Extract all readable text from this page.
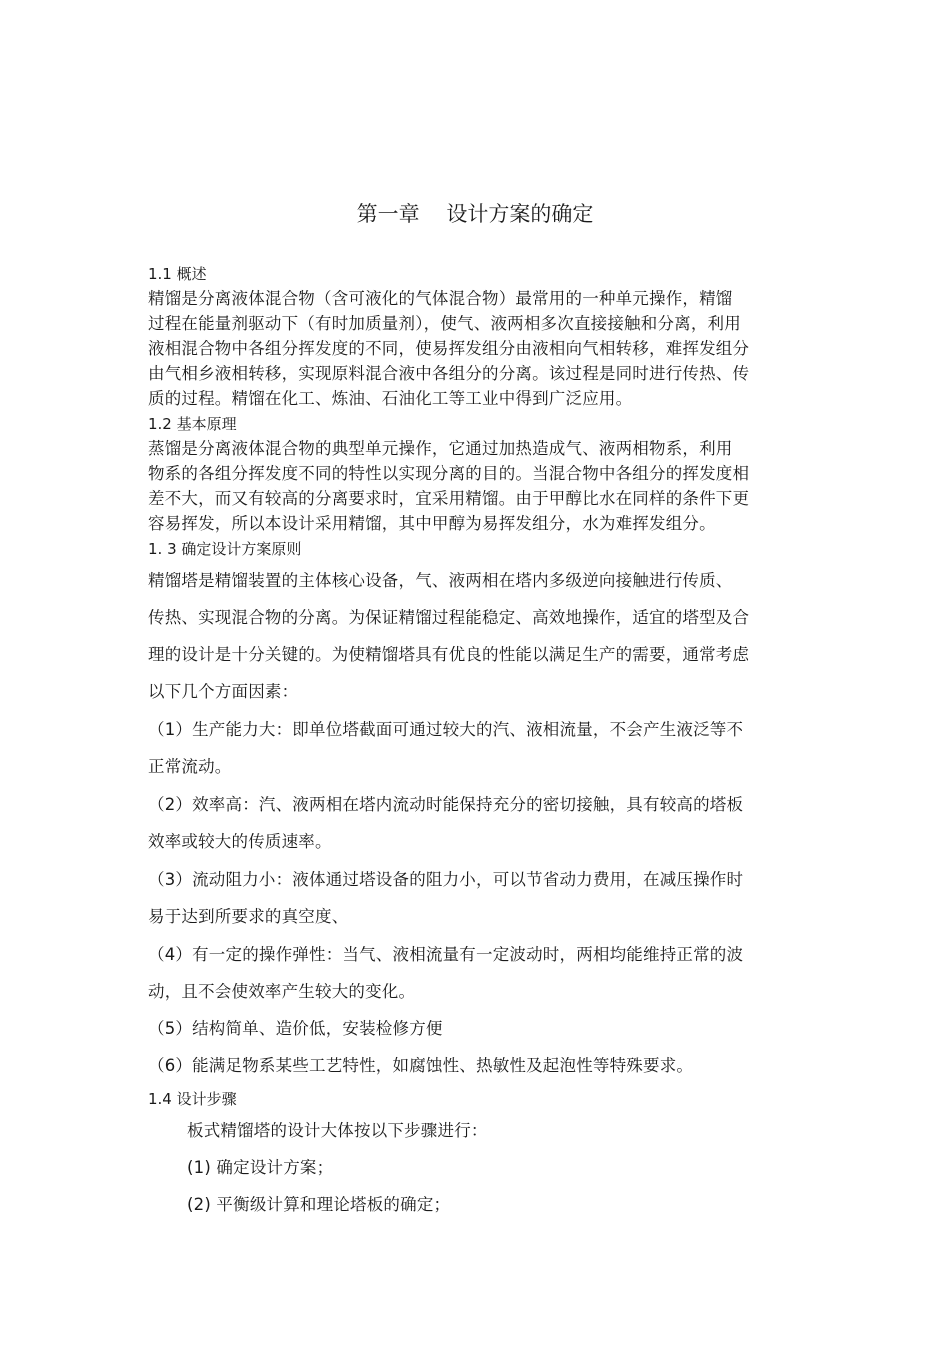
第一章    设计方案的确定
1.1 概述
精馏是分离液体混合物（含可液化的气体混合物）最常用的一种单元操作，精馏
过程在能量剂驱动下（有时加质量剂），使气、液两相多次直接接触和分离，利用
液相混合物中各组分挥发度的不同，使易挥发组分由液相向气相转移，难挥发组分
由气相乡液相转移，实现原料混合液中各组分的分离。该过程是同时进行传热、传
质的过程。精馏在化工、炼油、石油化工等工业中得到广泛应用。
1.2 基本原理
蒸馏是分离液体混合物的典型单元操作，它通过加热造成气、液两相物系，利用
物系的各组分挥发度不同的特性以实现分离的目的。当混合物中各组分的挥发度相
差不大，而又有较高的分离要求时，宜采用精馏。由于甲醇比水在同样的条件下更
容易挥发，所以本设计采用精馏，其中甲醇为易挥发组分，水为难挥发组分。
1. 3 确定设计方案原则
精馏塔是精馏装置的主体核心设备，气、液两相在塔内多级逆向接触进行传质、
传热、实现混合物的分离。为保证精馏过程能稳定、高效地操作，适宜的塔型及合
理的设计是十分关键的。为使精馏塔具有优良的性能以满足生产的需要，通常考虑
以下几个方面因素：
（1）生产能力大：即单位塔截面可通过较大的汽、液相流量，不会产生液泛等不
正常流动。
（2）效率高：汽、液两相在塔内流动时能保持充分的密切接触，具有较高的塔板
效率或较大的传质速率。
（3）流动阻力小：液体通过塔设备的阻力小，可以节省动力费用，在减压操作时
易于达到所要求的真空度、
（4）有一定的操作弹性：当气、液相流量有一定波动时，两相均能维持正常的波
动，且不会使效率产生较大的变化。
（5）结构简单、造价低，安装检修方便
（6）能满足物系某些工艺特性，如腐蚀性、热敏性及起泡性等特殊要求。
1.4 设计步骤
板式精馏塔的设计大体按以下步骤进行：
(1) 确定设计方案；
(2) 平衡级计算和理论塔板的确定；
